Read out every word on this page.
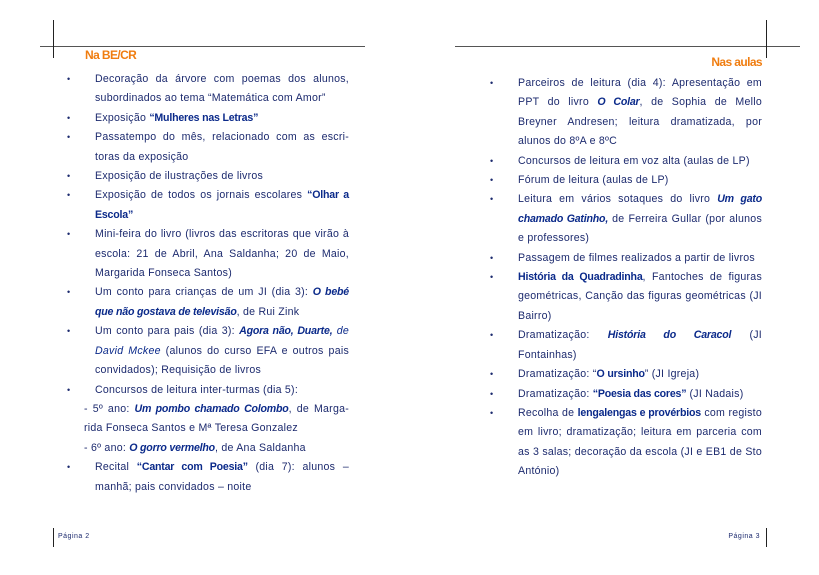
Na BE/CR
• Decoração da árvore com poemas dos alunos, subordinados ao tema “Matemática com Amor”
• Exposição “Mulheres nas Letras”
• Passatempo do mês, relacionado com as escri-toras da exposição
• Exposição de ilustrações de livros
• Exposição de todos os jornais escolares “Olhar a Escola”
• Mini-feira do livro (livros das escritoras que virão à escola: 21 de Abril, Ana Saldanha; 20 de Maio, Margarida Fonseca Santos)
• Um conto para crianças de um JI (dia 3): O bebé que não gostava de televisão, de Rui Zink
• Um conto para pais (dia 3): Agora não, Duarte, de David Mckee (alunos do curso EFA e outros pais convidados); Requisição de livros
• Concursos de leitura inter-turmas (dia 5):
- 5º ano: Um pombo chamado Colombo, de Marga-rida Fonseca Santos e Mª Teresa Gonzalez
- 6º ano: O gorro vermelho, de Ana Saldanha
• Recital “Cantar com Poesia” (dia 7): alunos – manhã; pais convidados – noite
Página 2
Nas aulas
• Parceiros de leitura (dia 4): Apresentação em PPT do livro O Colar, de Sophia de Mello Breyner Andresen; leitura dramatizada, por alunos do 8ºA e 8ºC
• Concursos de leitura em voz alta (aulas de LP)
• Fórum de leitura (aulas de LP)
• Leitura em vários sotaques do livro Um gato chamado Gatinho, de Ferreira Gullar (por alunos e professores)
• Passagem de filmes realizados a partir de livros
• História da Quadradinha, Fantoches de figuras geométricas, Canção das figuras geométricas (JI Bairro)
• Dramatização: História do Caracol (JI Fontainhas)
• Dramatização: “O ursinho” (JI Igreja)
• Dramatização: “Poesia das cores” (JI Nadais)
• Recolha de lengalengas e provérbios com registo em livro; dramatização; leitura em parceria com as 3 salas; decoração da escola (JI e EB1 de Sto António)
Página 3
